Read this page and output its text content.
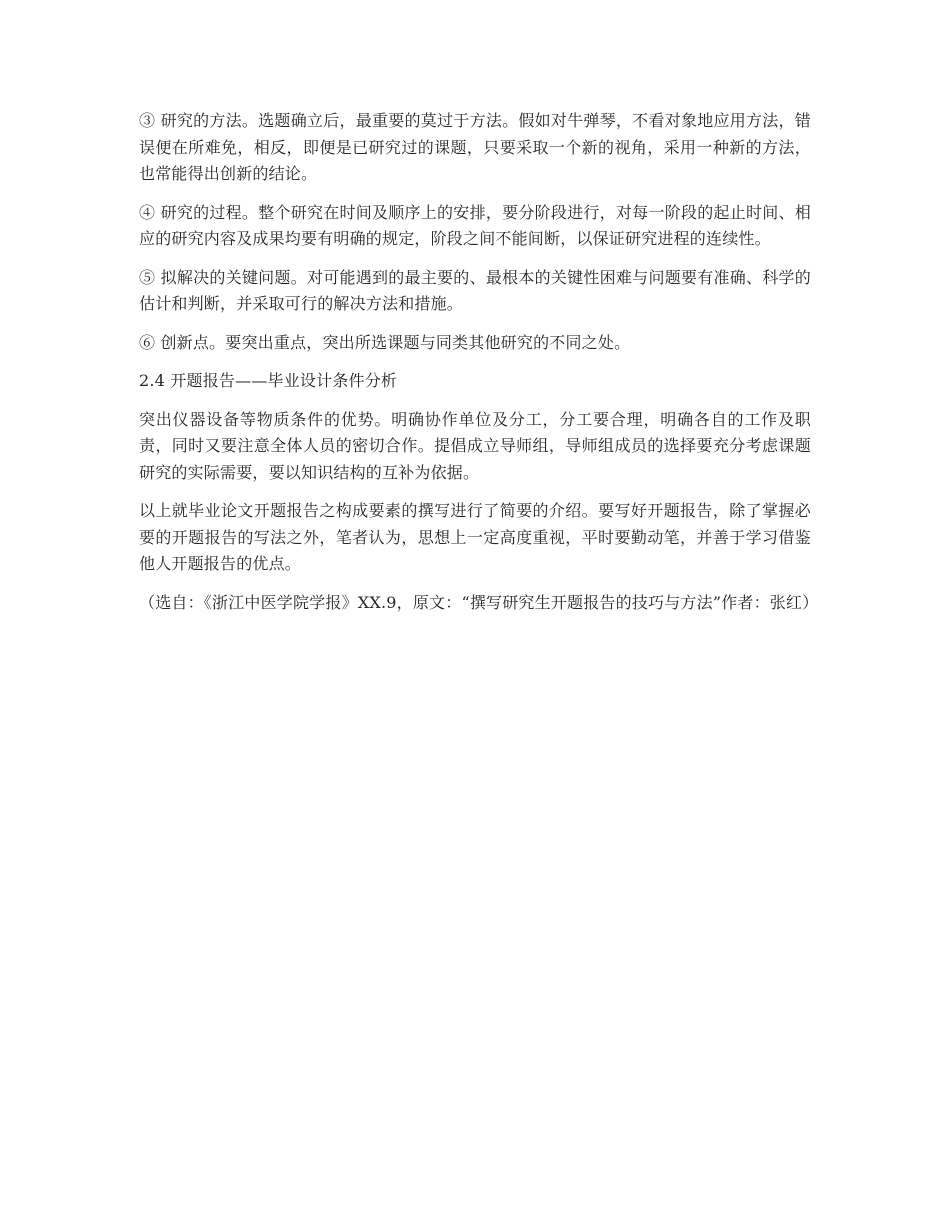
③ 研究的方法。选题确立后，最重要的莫过于方法。假如对牛弹琴，不看对象地应用方法，错误便在所难免，相反，即便是已研究过的课题，只要采取一个新的视角，采用一种新的方法，也常能得出创新的结论。

④ 研究的过程。整个研究在时间及顺序上的安排，要分阶段进行，对每一阶段的起止时间、相应的研究内容及成果均要有明确的规定，阶段之间不能间断，以保证研究进程的连续性。

⑤ 拟解决的关键问题。对可能遇到的最主要的、最根本的关键性困难与问题要有准确、科学的估计和判断，并采取可行的解决方法和措施。

⑥ 创新点。要突出重点，突出所选课题与同类其他研究的不同之处。

2.4 开题报告——毕业设计条件分析

突出仪器设备等物质条件的优势。明确协作单位及分工，分工要合理，明确各自的工作及职责，同时又要注意全体人员的密切合作。提倡成立导师组，导师组成员的选择要充分考虑课题研究的实际需要，要以知识结构的互补为依据。

以上就毕业论文开题报告之构成要素的撰写进行了简要的介绍。要写好开题报告，除了掌握必要的开题报告的写法之外，笔者认为，思想上一定高度重视，平时要勤动笔，并善于学习借鉴他人开题报告的优点。

（选自：《浙江中医学院学报》XX.9，原文：“撰写研究生开题报告的技巧与方法”作者：张红）
